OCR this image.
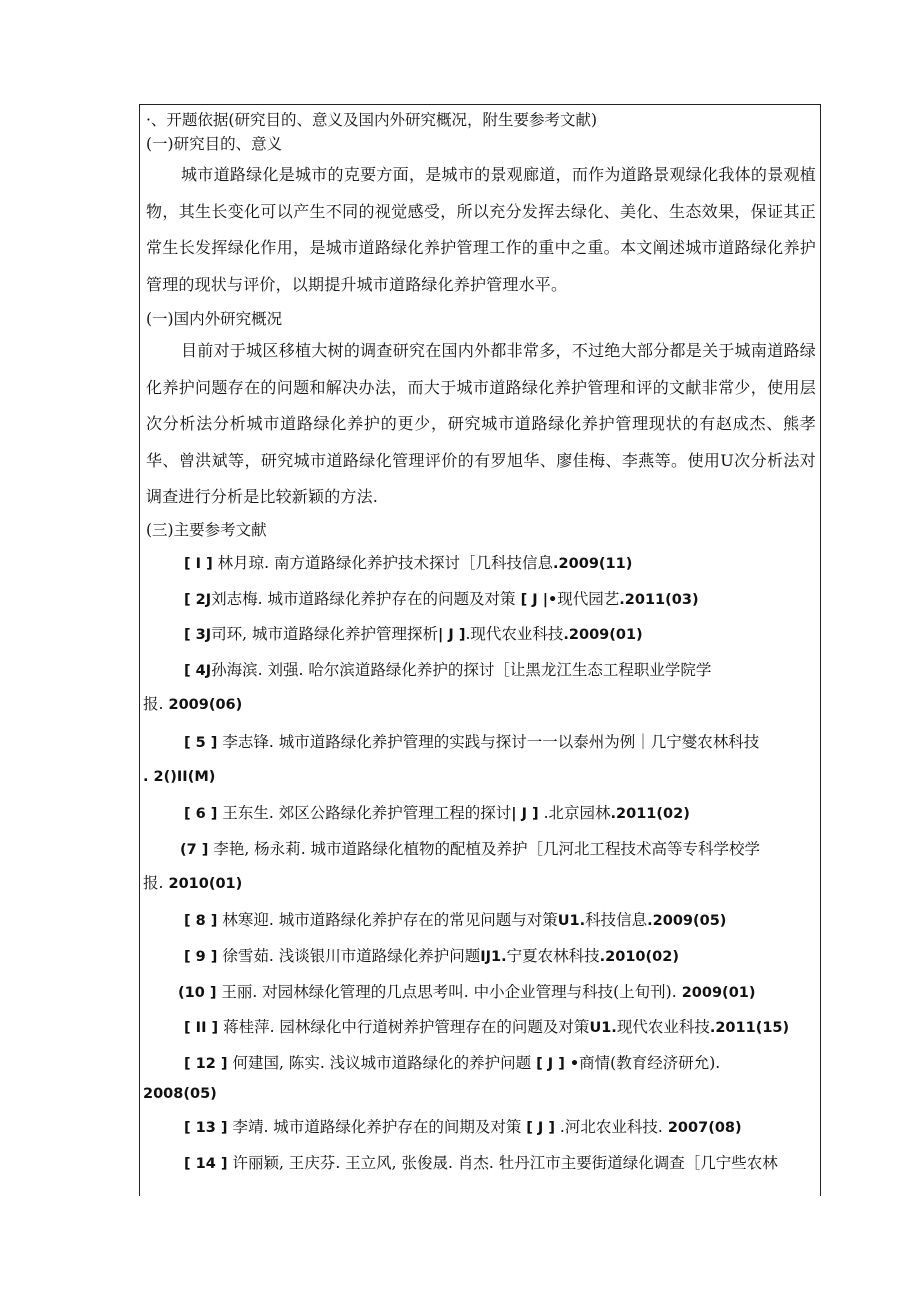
·、开题依据(研究目的、意义及国内外研究概况，附生要参考文献)
(一)研究目的、意义
城市道路绿化是城市的克要方面，是城市的景观廊道，而作为道路景观绿化我体的景观植物，其生长变化可以产生不同的视觉感受，所以充分发挥去绿化、美化、生态效果，保证其正常生长发挥绿化作用，是城市道路绿化养护管理工作的重中之重。本文阐述城市道路绿化养护管理的现状与评价，以期提升城市道路绿化养护管理水平。
(一)国内外研究概况
目前对于城区移植大树的调查研究在国内外都非常多，不过绝大部分都是关于城南道路绿化养护问题存在的问题和解决办法，而大于城市道路绿化养护管理和评的文献非常少，使用层次分析法分析城市道路绿化养护的更少，研究城市道路绿化养护管理现状的有赵成杰、熊孝华、曾洪斌等，研究城市道路绿化管理评价的有罗旭华、廖佳梅、李燕等。使用U次分析法对调查进行分析是比较新颖的方法.
(三)主要参考文献
[ I ] 林月琼. 南方道路绿化养护技术探讨［几科技信息.2009(11)
[ 2J刘志梅. 城市道路绿化养护存在的问题及对策 [ J |•现代园艺.2011(03)
[ 3J司环, 城市道路绿化养护管理探析| J ].现代农业科技.2009(01)
[ 4J孙海滨. 刘强. 哈尔滨道路绿化养护的探讨［让黑龙江生态工程职业学院学
报. 2009(06)
[ 5 ] 李志锋. 城市道路绿化养护管理的实践与探讨一一以泰州为例｜几宁燮农林科技
. 2()II(M)
[ 6 ] 王东生. 郊区公路绿化养护管理工程的探讨| J ] .北京园林.2011(02)
(7 ] 李艳, 杨永莉. 城市道路绿化植物的配植及养护［几河北工程技术高等专科学校学
报. 2010(01)
[ 8 ] 林寒迎. 城市道路绿化养护存在的常见问题与对策U1.科技信息.2009(05)
[ 9 ] 徐雪茹. 浅谈银川市道路绿化养护问题IJ1.宁夏农林科技.2010(02)
(10 ] 王丽. 对园林绿化管理的几点思考叫. 中小企业管理与科技(上旬刊). 2009(01)
[ II ] 蒋桂萍. 园林绿化中行道树养护管理存在的问题及对策U1.现代农业科技.2011(15)
[ 12 ] 何建国, 陈实. 浅议城市道路绿化的养护问题 [ J ] •商情(教育经济研允).
2008(05)
[ 13 ] 李靖. 城市道路绿化养护存在的间期及对策 [ J ] .河北农业科技. 2007(08)
[ 14 ] 许丽颖, 王庆芬. 王立风, 张俊晟. 肖杰. 牡丹江市主要街道绿化调查［几宁些农林
